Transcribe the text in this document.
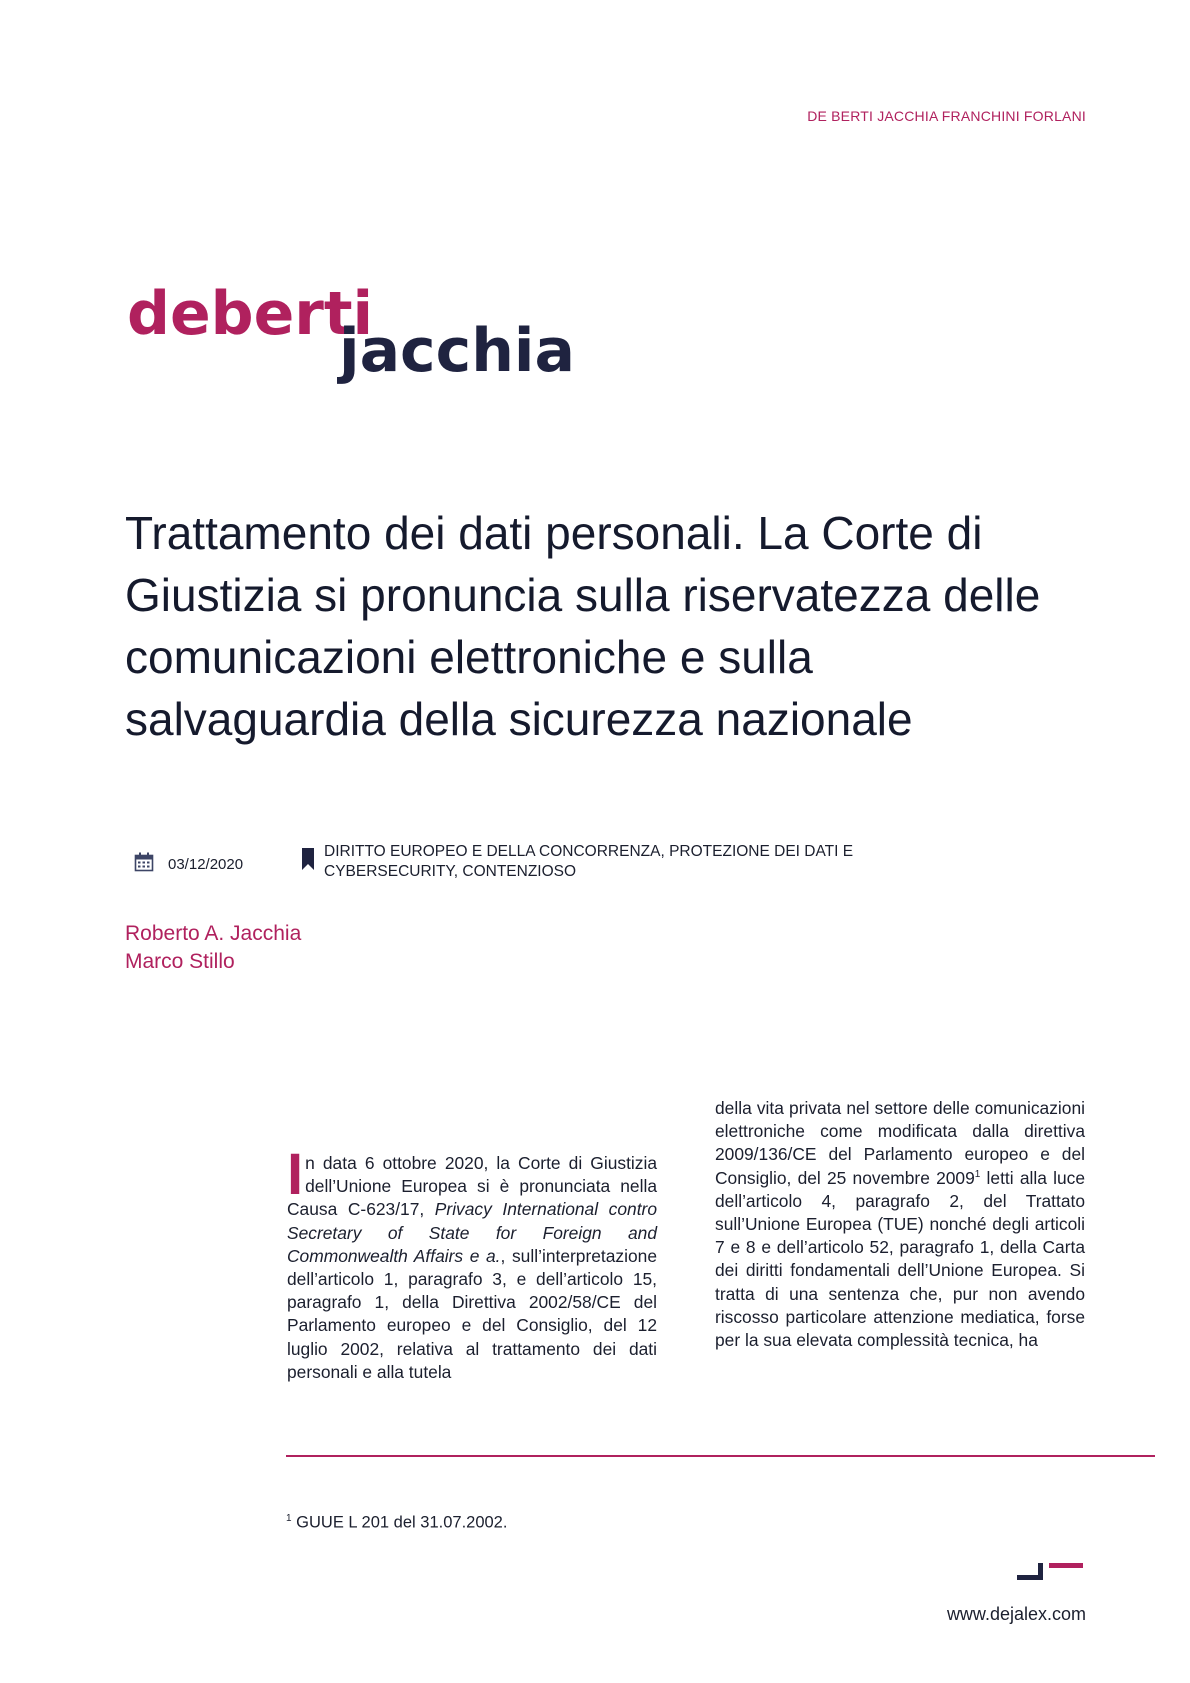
DE BERTI JACCHIA FRANCHINI FORLANI
deberti
jacchia
Trattamento dei dati personali. La Corte di Giustizia si pronuncia sulla riservatezza delle comunicazioni elettroniche e sulla salvaguardia della sicurezza nazionale
03/12/2020
DIRITTO EUROPEO E DELLA CONCORRENZA, PROTEZIONE DEI DATI E
CYBERSECURITY, CONTENZIOSO
Roberto A. Jacchia
Marco Stillo

I n data 6 ottobre 2020, la Corte di Giustizia dell’Unione Europea si è pronunciata nella Causa C-623/17, Privacy International contro Secretary of State for Foreign and Commonwealth Affairs e a., sull’interpretazione dell’articolo 1, paragrafo 3, e dell’articolo 15, paragrafo 1, della Direttiva 2002/58/CE del Parlamento europeo e del Consiglio, del 12 luglio 2002, relativa al trattamento dei dati personali e alla tutela

della vita privata nel settore delle comunicazioni elettroniche come modificata dalla direttiva 2009/136/CE del Parlamento europeo e del Consiglio, del 25 novembre 2009$^1$ letti alla luce dell’articolo 4, paragrafo 2, del Trattato sull’Unione Europea (TUE) nonché degli articoli 7 e 8 e dell’articolo 52, paragrafo 1, della Carta dei diritti fondamentali dell’Unione Europea. Si tratta di una sentenza che, pur non avendo riscosso particolare attenzione mediatica, forse per la sua elevata complessità tecnica, ha

$^1$ GUUE L 201 del 31.07.2002.
www.dejalex.com
